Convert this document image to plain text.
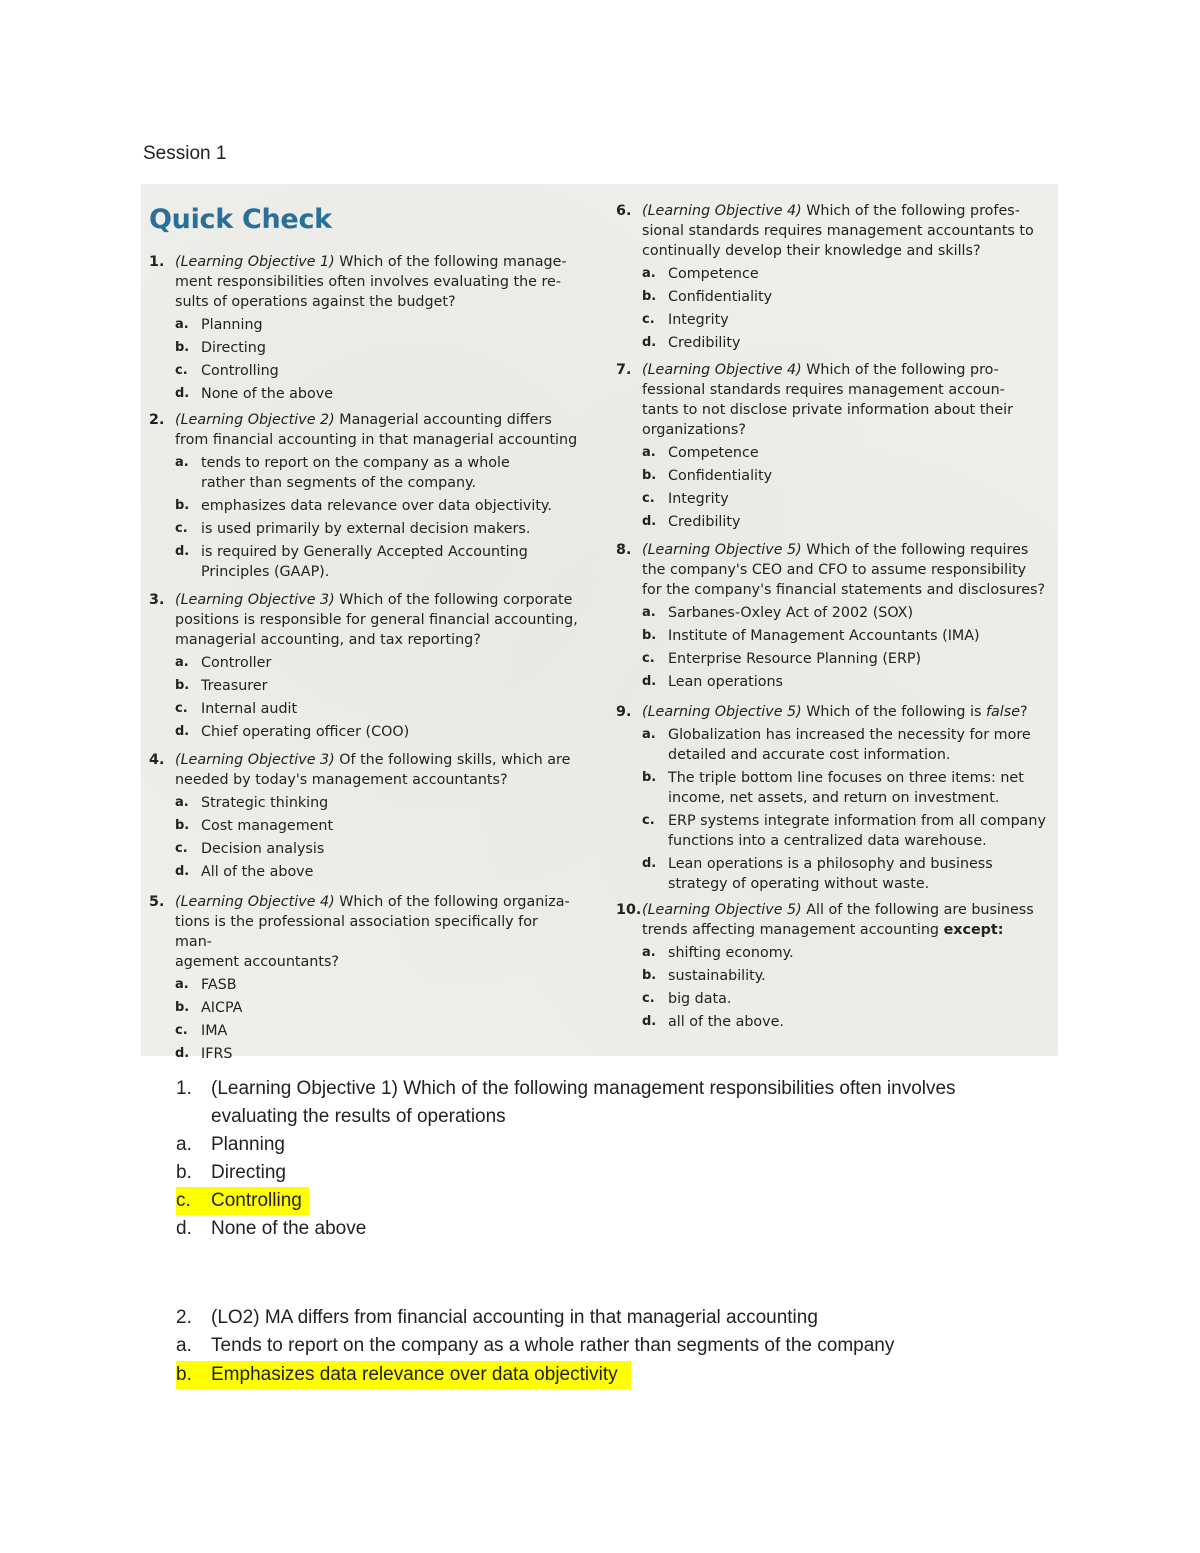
Session 1
Quick Check
1. (Learning Objective 1) Which of the following manage-
ment responsibilities often involves evaluating the re-
sults of operations against the budget?
a. Planning
b. Directing
c. Controlling
d. None of the above
2. (Learning Objective 2) Managerial accounting differs
from financial accounting in that managerial accounting
a. tends to report on the company as a whole rather than segments of the company.
b. emphasizes data relevance over data objectivity.
c. is used primarily by external decision makers.
d. is required by Generally Accepted Accounting Principles (GAAP).
3. (Learning Objective 3) Which of the following corporate
positions is responsible for general financial accounting,
managerial accounting, and tax reporting?
a. Controller
b. Treasurer
c. Internal audit
d. Chief operating officer (COO)
4. (Learning Objective 3) Of the following skills, which are
needed by today's management accountants?
a. Strategic thinking
b. Cost management
c. Decision analysis
d. All of the above
5. (Learning Objective 4) Which of the following organiza-
tions is the professional association specifically for man-
agement accountants?
a. FASB
b. AICPA
c. IMA
d. IFRS
6. (Learning Objective 4) Which of the following profes-
sional standards requires management accountants to
continually develop their knowledge and skills?
a. Competence
b. Confidentiality
c. Integrity
d. Credibility
7. (Learning Objective 4) Which of the following pro-
fessional standards requires management accoun-
tants to not disclose private information about their
organizations?
a. Competence
b. Confidentiality
c. Integrity
d. Credibility
8. (Learning Objective 5) Which of the following requires
the company's CEO and CFO to assume responsibility
for the company's financial statements and disclosures?
a. Sarbanes-Oxley Act of 2002 (SOX)
b. Institute of Management Accountants (IMA)
c. Enterprise Resource Planning (ERP)
d. Lean operations
9. (Learning Objective 5) Which of the following is false?
a. Globalization has increased the necessity for more detailed and accurate cost information.
b. The triple bottom line focuses on three items: net income, net assets, and return on investment.
c. ERP systems integrate information from all company functions into a centralized data warehouse.
d. Lean operations is a philosophy and business strategy of operating without waste.
10. (Learning Objective 5) All of the following are business
trends affecting management accounting except:
a. shifting economy.
b. sustainability.
c. big data.
d. all of the above.
1. (Learning Objective 1) Which of the following management responsibilities often involves
evaluating the results of operations
a. Planning
b. Directing
c. Controlling
d. None of the above
2. (LO2) MA differs from financial accounting in that managerial accounting
a. Tends to report on the company as a whole rather than segments of the company
b. Emphasizes data relevance over data objectivity
